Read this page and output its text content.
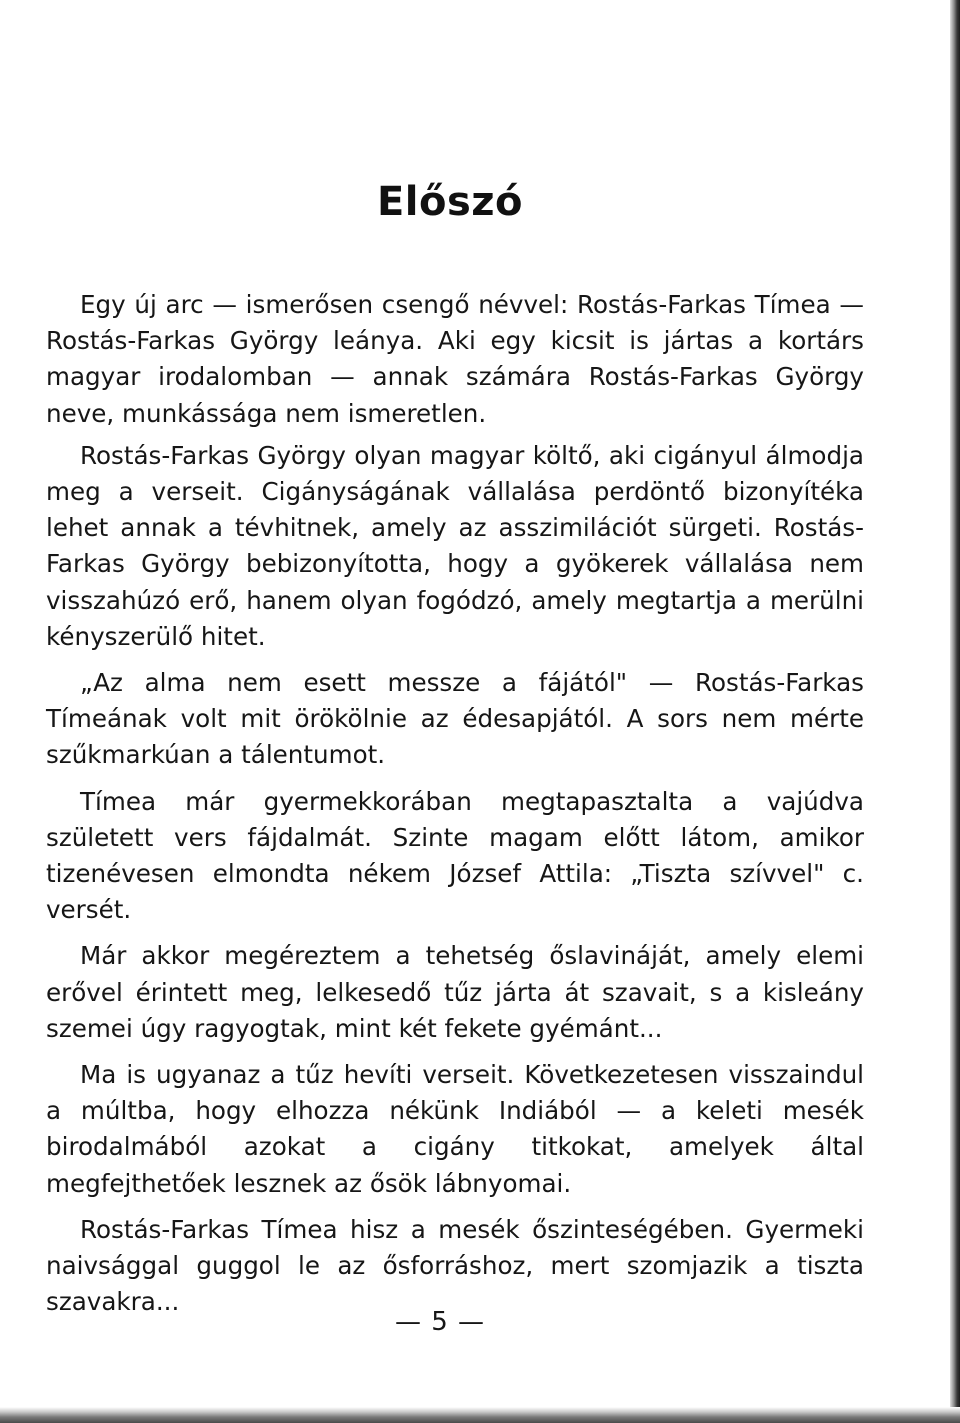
Előszó

Egy új arc — ismerősen csengő névvel: Rostás-Farkas Tímea — Rostás-Farkas György leánya. Aki egy kicsit is jártas a kortárs magyar irodalomban — annak számára Rostás-Farkas György neve, munkássága nem ismeretlen.

Rostás-Farkas György olyan magyar költő, aki cigányul álmodja meg a verseit. Cigányságának vállalása perdöntő bizonyítéka lehet annak a tévhitnek, amely az asszimilációt sürgeti. Rostás-Farkas György bebizonyította, hogy a gyökerek vállalása nem visszahúzó erő, hanem olyan fogódzó, amely megtartja a merülni kényszerülő hitet.

„Az alma nem esett messze a fájától" — Rostás-Farkas Tímeának volt mit örökölnie az édesapjától. A sors nem mérte szűkmarkúan a tálentumot.

Tímea már gyermekkorában megtapasztalta a vajúdva született vers fájdalmát. Szinte magam előtt látom, amikor tizenévesen elmondta nékem József Attila: „Tiszta szívvel" c. versét.

Már akkor megéreztem a tehetség őslavináját, amely elemi erővel érintett meg, lelkesedő tűz járta át szavait, s a kisleány szemei úgy ragyogtak, mint két fekete gyémánt...

Ma is ugyanaz a tűz hevíti verseit. Következetesen visszaindul a múltba, hogy elhozza nékünk Indiából — a keleti mesék birodalmából azokat a cigány titkokat, amelyek által megfejthetőek lesznek az ősök lábnyomai.

Rostás-Farkas Tímea hisz a mesék őszinteségében. Gyermeki naivsággal guggol le az ősforráshoz, mert szomjazik a tiszta szavakra...

— 5 —
